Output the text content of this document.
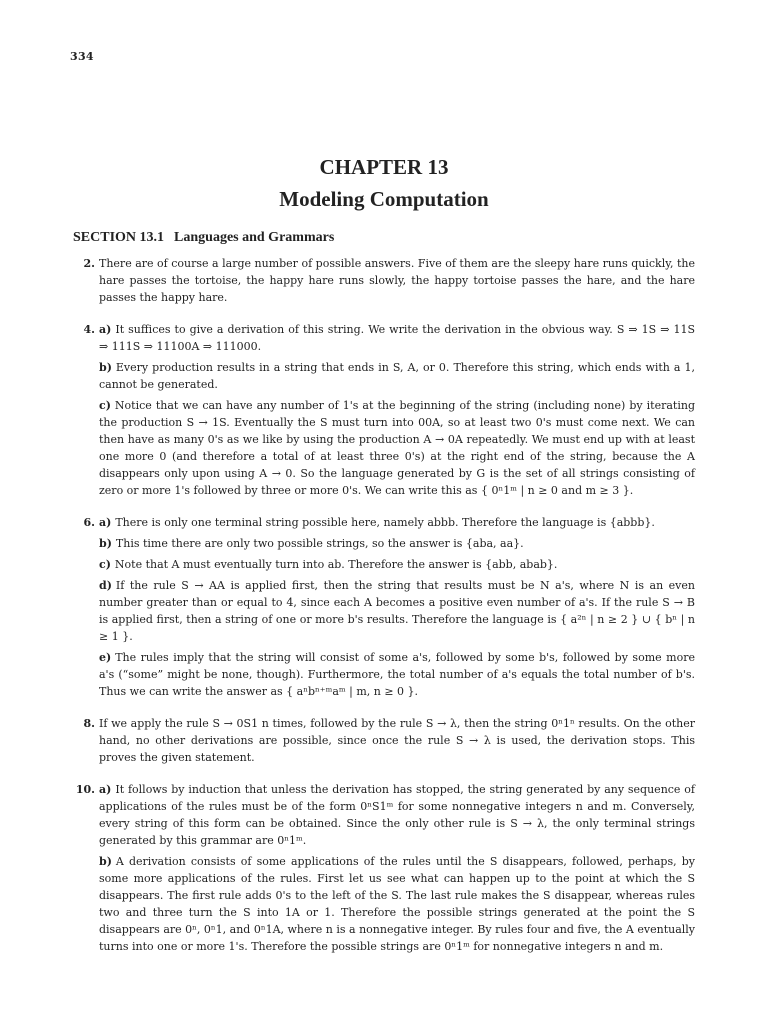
334
CHAPTER 13
Modeling Computation
SECTION 13.1 Languages and Grammars
2. There are of course a large number of possible answers. Five of them are the sleepy hare runs quickly, the hare passes the tortoise, the happy hare runs slowly, the happy tortoise passes the hare, and the hare passes the happy hare.

4. a) It suffices to give a derivation of this string. We write the derivation in the obvious way. S ⇒ 1S ⇒ 11S ⇒ 111S ⇒ 11100A ⇒ 111000.

b) Every production results in a string that ends in S, A, or 0. Therefore this string, which ends with a 1, cannot be generated.

c) Notice that we can have any number of 1's at the beginning of the string (including none) by iterating the production S → 1S. Eventually the S must turn into 00A, so at least two 0's must come next. We can then have as many 0's as we like by using the production A → 0A repeatedly. We must end up with at least one more 0 (and therefore a total of at least three 0's) at the right end of the string, because the A disappears only upon using A → 0. So the language generated by G is the set of all strings consisting of zero or more 1's followed by three or more 0's. We can write this as { 0ⁿ1ᵐ | n ≥ 0 and m ≥ 3 }.

6. a) There is only one terminal string possible here, namely abbb. Therefore the language is {abbb}.

b) This time there are only two possible strings, so the answer is {aba, aa}.

c) Note that A must eventually turn into ab. Therefore the answer is {abb, abab}.

d) If the rule S → AA is applied first, then the string that results must be N a's, where N is an even number greater than or equal to 4, since each A becomes a positive even number of a's. If the rule S → B is applied first, then a string of one or more b's results. Therefore the language is { a²ⁿ | n ≥ 2 } ∪ { bⁿ | n ≥ 1 }.

e) The rules imply that the string will consist of some a's, followed by some b's, followed by some more a's (“some” might be none, though). Furthermore, the total number of a's equals the total number of b's. Thus we can write the answer as { aⁿbⁿ⁺ᵐaᵐ | m, n ≥ 0 }.

8. If we apply the rule S → 0S1 n times, followed by the rule S → λ, then the string 0ⁿ1ⁿ results. On the other hand, no other derivations are possible, since once the rule S → λ is used, the derivation stops. This proves the given statement.

10. a) It follows by induction that unless the derivation has stopped, the string generated by any sequence of applications of the rules must be of the form 0ⁿS1ᵐ for some nonnegative integers n and m. Conversely, every string of this form can be obtained. Since the only other rule is S → λ, the only terminal strings generated by this grammar are 0ⁿ1ᵐ.

b) A derivation consists of some applications of the rules until the S disappears, followed, perhaps, by some more applications of the rules. First let us see what can happen up to the point at which the S disappears. The first rule adds 0's to the left of the S. The last rule makes the S disappear, whereas rules two and three turn the S into 1A or 1. Therefore the possible strings generated at the point the S disappears are 0ⁿ, 0ⁿ1, and 0ⁿ1A, where n is a nonnegative integer. By rules four and five, the A eventually turns into one or more 1's. Therefore the possible strings are 0ⁿ1ᵐ for nonnegative integers n and m.
